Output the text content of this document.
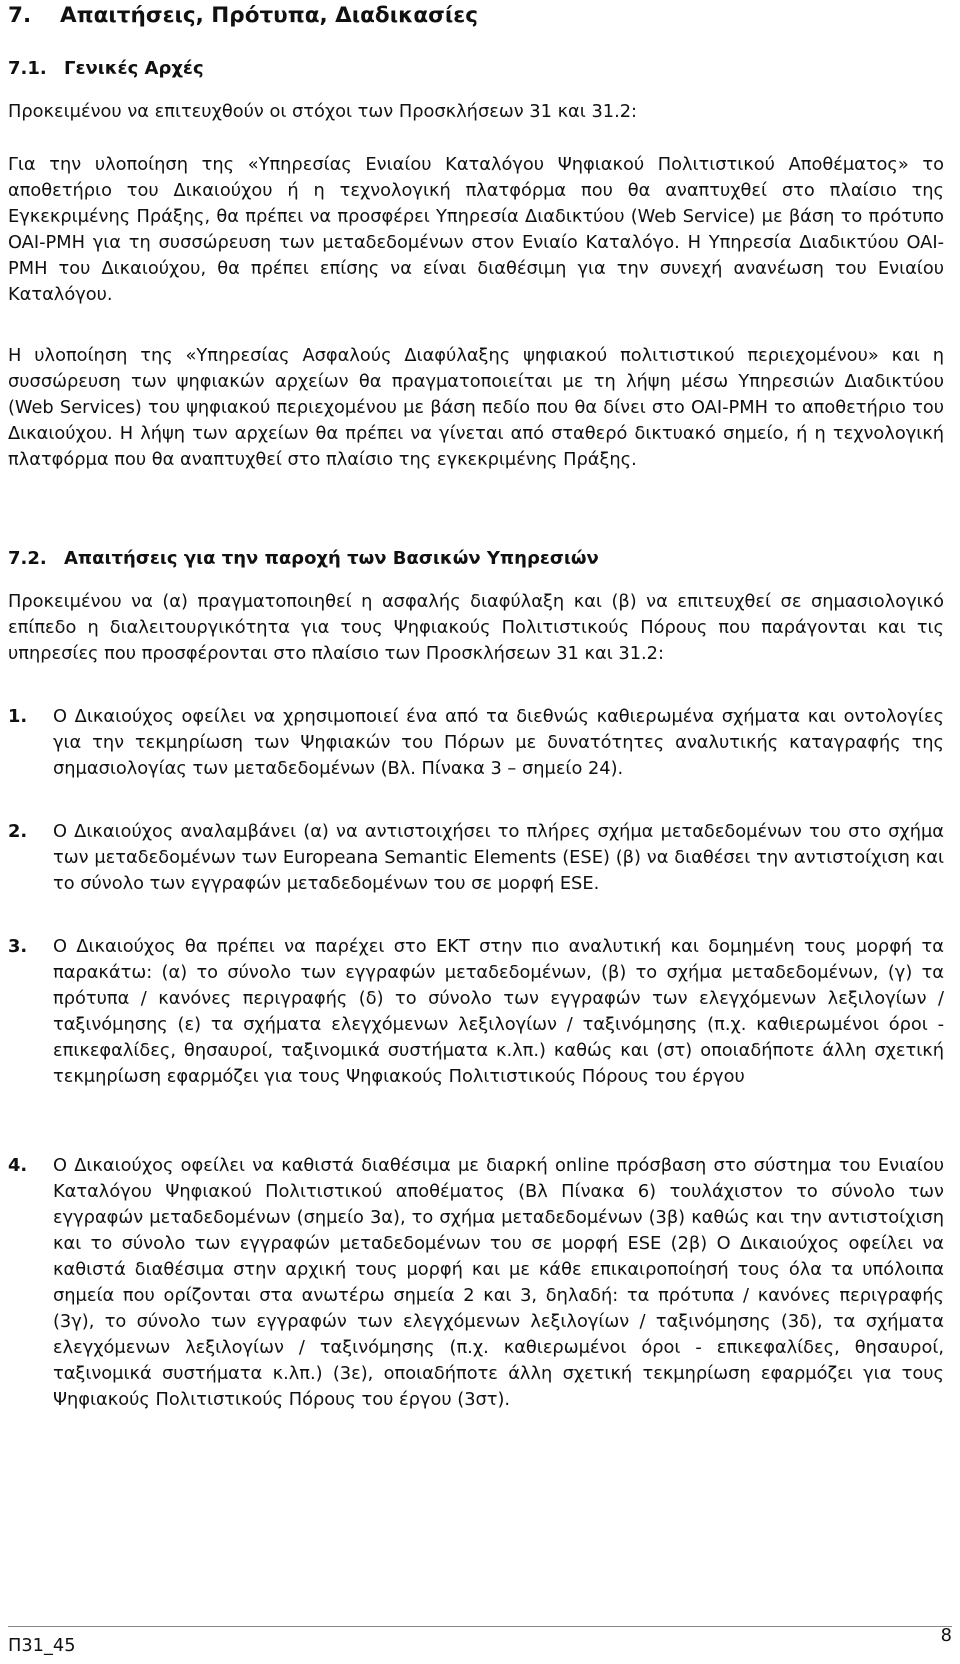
7. Απαιτήσεις, Πρότυπα, Διαδικασίες
7.1. Γενικές Αρχές

Προκειμένου να επιτευχθούν οι στόχοι των Προσκλήσεων 31 και 31.2:

Για την υλοποίηση της «Υπηρεσίας Ενιαίου Καταλόγου Ψηφιακού Πολιτιστικού Αποθέματος» το αποθετήριο του Δικαιούχου ή η τεχνολογική πλατφόρμα που θα αναπτυχθεί στο πλαίσιο της Εγκεκριμένης Πράξης, θα πρέπει να προσφέρει Υπηρεσία Διαδικτύου (Web Service) με βάση το πρότυπο OAI-PMH για τη συσσώρευση των μεταδεδομένων στον Ενιαίο Καταλόγο. Η Υπηρεσία Διαδικτύου OAI-PMH του Δικαιούχου, θα πρέπει επίσης να είναι διαθέσιμη για την συνεχή ανανέωση του Ενιαίου Καταλόγου.

Η υλοποίηση της «Υπηρεσίας Ασφαλούς Διαφύλαξης ψηφιακού πολιτιστικού περιεχομένου» και η συσσώρευση των ψηφιακών αρχείων θα πραγματοποιείται με τη λήψη μέσω Υπηρεσιών Διαδικτύου (Web Services) του ψηφιακού περιεχομένου με βάση πεδίο που θα δίνει στο OAI-PMH το αποθετήριο του Δικαιούχου. Η λήψη των αρχείων θα πρέπει να γίνεται από σταθερό δικτυακό σημείο, ή η τεχνολογική πλατφόρμα που θα αναπτυχθεί στο πλαίσιο της εγκεκριμένης Πράξης.

7.2. Απαιτήσεις για την παροχή των Βασικών Υπηρεσιών

Προκειμένου να (α) πραγματοποιηθεί η ασφαλής διαφύλαξη και (β) να επιτευχθεί σε σημασιολογικό επίπεδο η διαλειτουργικότητα για τους Ψηφιακούς Πολιτιστικούς Πόρους που παράγονται και τις υπηρεσίες που προσφέρονται στο πλαίσιο των Προσκλήσεων 31 και 31.2:

1.	Ο Δικαιούχος οφείλει να χρησιμοποιεί ένα από τα διεθνώς καθιερωμένα σχήματα και οντολογίες για την τεκμηρίωση των Ψηφιακών του Πόρων με δυνατότητες αναλυτικής καταγραφής της σημασιολογίας των μεταδεδομένων (Βλ. Πίνακα 3 – σημείο 24).
2.	Ο Δικαιούχος αναλαμβάνει (α) να αντιστοιχήσει το πλήρες σχήμα μεταδεδομένων του στο σχήμα των μεταδεδομένων των Europeana Semantic Elements (ESE) (β) να διαθέσει την αντιστοίχιση και το σύνολο των εγγραφών μεταδεδομένων του σε μορφή ESE.
3.	Ο Δικαιούχος θα πρέπει να παρέχει στο ΕΚΤ στην πιο αναλυτική και δομημένη τους μορφή τα παρακάτω: (α) το σύνολο των εγγραφών μεταδεδομένων, (β) το σχήμα μεταδεδομένων, (γ) τα πρότυπα / κανόνες περιγραφής (δ) το σύνολο των εγγραφών των ελεγχόμενων λεξιλογίων / ταξινόμησης (ε) τα σχήματα ελεγχόμενων λεξιλογίων / ταξινόμησης (π.χ. καθιερωμένοι όροι - επικεφαλίδες, θησαυροί, ταξινομικά συστήματα κ.λπ.) καθώς και (στ) οποιαδήποτε άλλη σχετική τεκμηρίωση εφαρμόζει για τους Ψηφιακούς Πολιτιστικούς Πόρους του έργου
4.	Ο Δικαιούχος οφείλει να καθιστά διαθέσιμα με διαρκή online πρόσβαση στο σύστημα του Ενιαίου Καταλόγου Ψηφιακού Πολιτιστικού αποθέματος (Βλ Πίνακα 6) τουλάχιστον το σύνολο των εγγραφών μεταδεδομένων (σημείο 3α), το σχήμα μεταδεδομένων (3β) καθώς και την αντιστοίχιση και το σύνολο των εγγραφών μεταδεδομένων του σε μορφή ESE (2β) Ο Δικαιούχος οφείλει να καθιστά διαθέσιμα στην αρχική τους μορφή και με κάθε επικαιροποίησή τους όλα τα υπόλοιπα σημεία που ορίζονται στα ανωτέρω σημεία 2 και 3, δηλαδή: τα πρότυπα / κανόνες περιγραφής (3γ), το σύνολο των εγγραφών των ελεγχόμενων λεξιλογίων / ταξινόμησης (3δ), τα σχήματα ελεγχόμενων λεξιλογίων / ταξινόμησης (π.χ. καθιερωμένοι όροι - επικεφαλίδες, θησαυροί, ταξινομικά συστήματα κ.λπ.) (3ε), οποιαδήποτε άλλη σχετική τεκμηρίωση εφαρμόζει για τους Ψηφιακούς Πολιτιστικούς Πόρους του έργου (3στ).
Π31_45	8
